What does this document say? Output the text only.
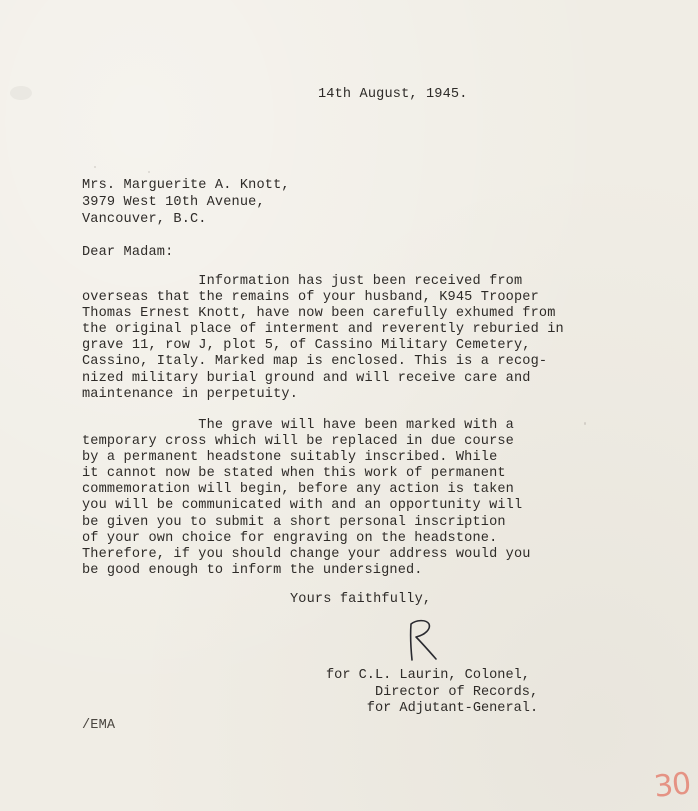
14th August, 1945.
Mrs. Marguerite A. Knott,
3979 West 10th Avenue,
Vancouver, B.C.
Dear Madam:
Information has just been received from
overseas that the remains of your husband, K945 Trooper
Thomas Ernest Knott, have now been carefully exhumed from
the original place of interment and reverently reburied in
grave 11, row J, plot 5, of Cassino Military Cemetery,
Cassino, Italy. Marked map is enclosed. This is a recog-
nized military burial ground and will receive care and
maintenance in perpetuity.
The grave will have been marked with a
temporary cross which will be replaced in due course
by a permanent headstone suitably inscribed. While
it cannot now be stated when this work of permanent
commemoration will begin, before any action is taken
you will be communicated with and an opportunity will
be given you to submit a short personal inscription
of your own choice for engraving on the headstone.
Therefore, if you should change your address would you
be good enough to inform the undersigned.
Yours faithfully,
for C.L. Laurin, Colonel,
Director of Records,
for Adjutant-General.
/EMA
30
